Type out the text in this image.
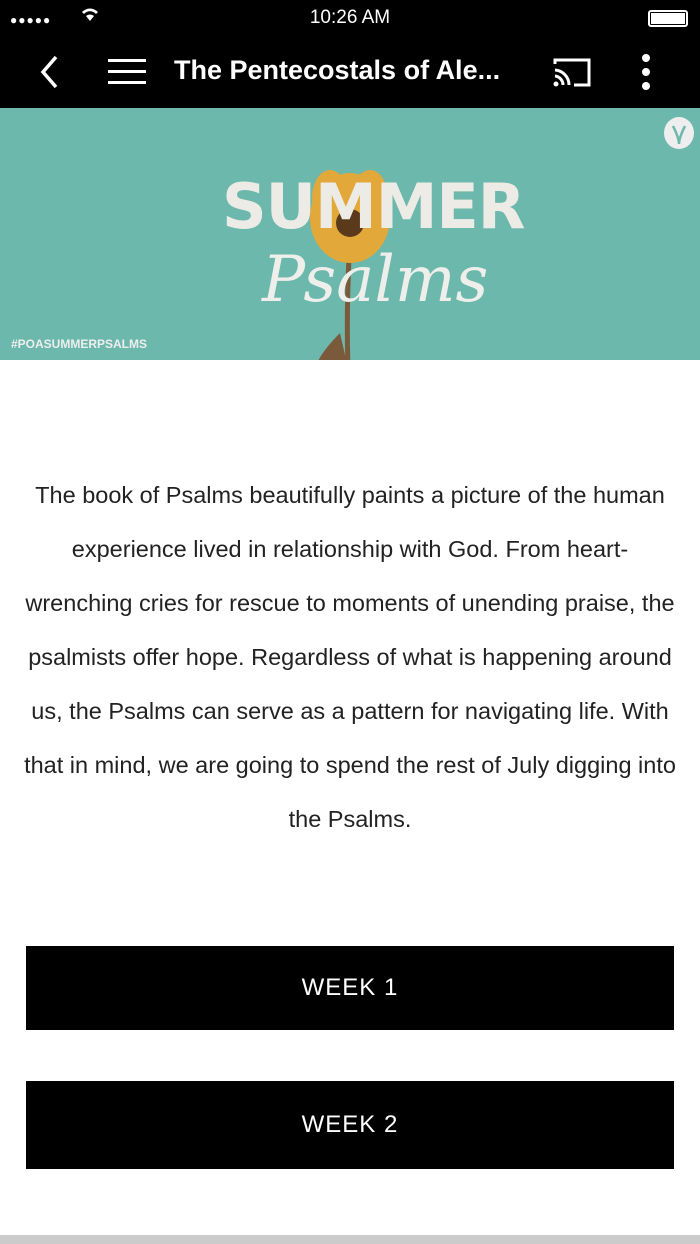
●●●●●	10:26 AM
The Pentecostals of Ale...
SUMMER
Psalms
#POASUMMERPSALMS

The book of Psalms beautifully paints a picture of the human experience lived in relationship with God. From heart-wrenching cries for rescue to moments of unending praise, the psalmists offer hope. Regardless of what is happening around us, the Psalms can serve as a pattern for navigating life. With that in mind, we are going to spend the rest of July digging into the Psalms.

WEEK 1
WEEK 2
